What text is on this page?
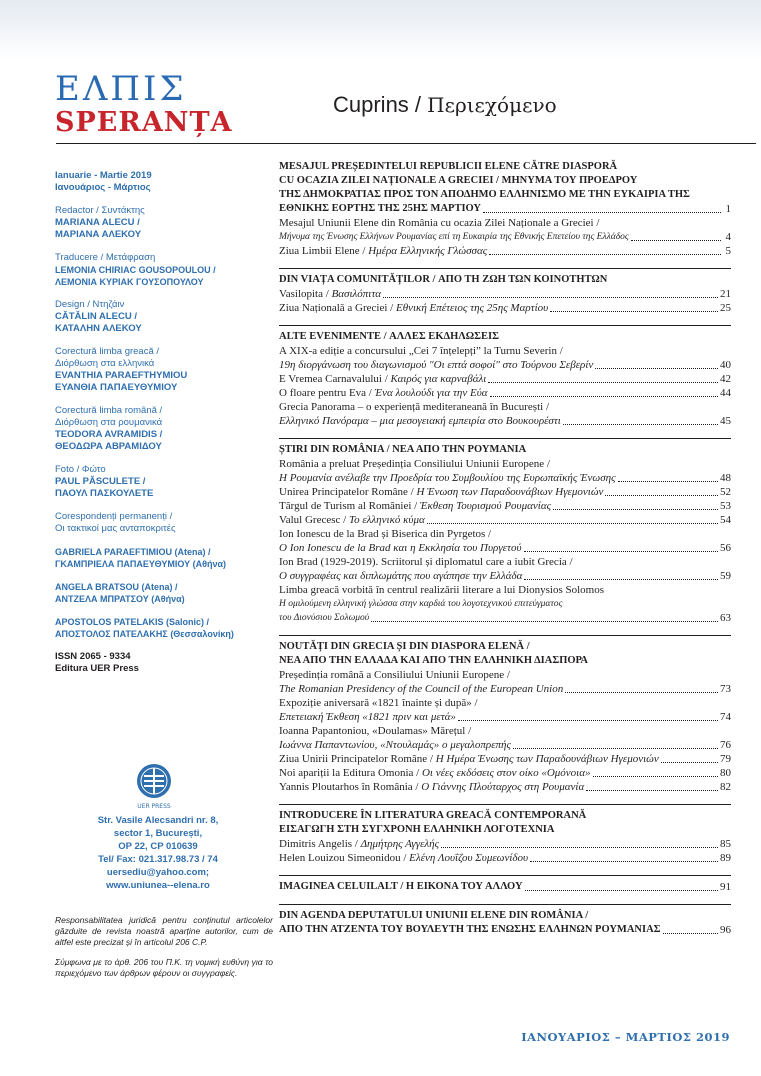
ΕΛΠΙΣ
SPERANȚA
Cuprins / Περιεχόμενο
Ianuarie - Martie 2019
Ιανουάριος - Μάρτιος
Redactor / Συντάκτης
MARIANA ALECU /
ΜΑΡΙΑΝΑ ΑΛΕΚΟΥ
Traducere / Μετάφραση
LEMONIA CHIRIAC GOUSOPOULOU /
ΛΕΜΟΝΙΑ ΚΥΡΙΑΚ ΓΟΥΣΟΠΟΥΛΟΥ
Design / Ντηζάιν
CĂTĂLIN ALECU /
ΚΑΤΑΛΗΝ ΑΛΕΚΟΥ
Corectură limba greacă /
Διόρθωση στα ελληνικά
EVANTHIA PARAEFTHYMIOU
ΕΥΑΝΘΙΑ ΠΑΠΑΕΥΘΥΜΙΟΥ
Corectură limba română /
Διόρθωση στα ρουμανικά
TEODORA AVRAMIDIS /
ΘΕΟΔΩΡΑ ΑΒΡΑΜΙΔΟΥ
Foto / Φώτο
PAUL PĂSCULETE /
ΠΑΟΥΛ ΠΑΣΚΟΥΛΕΤΕ
Corespondenți permanenți /
Οι τακτικοί μας ανταποκριτές
GABRIELA PARAEFTIMIOU (Atena) /
ΓΚΑΜΠΡΙΕΛΑ ΠΑΠΑΕΥΘΥΜΙΟΥ (Αθήνα)
ANGELA BRATSOU (Atena) /
ΑΝΤΖΕΛΑ ΜΠΡΑΤΣΟΥ (Αθήνα)
APOSTOLOS PATELAKIS (Salonic) /
ΑΠΟΣΤΟΛΟΣ ΠΑΤΕΛΑΚΗΣ (Θεσσαλονίκη)
ISSN 2065 - 9334
Editura UER Press
UER PRESS
Str. Vasile Alecsandri nr. 8,
sector 1, București,
OP 22, CP 010639
Tel/ Fax: 021.317.98.73 / 74
uersediu@yahoo.com;
www.uniunea--elena.ro

Responsabilitatea juridică pentru conținutul articolelor găzduite de revista noastră aparține autorilor, cum de altfel este precizat și în articolul 206 C.P.

Σύμφωνα με το άρθ. 206 του Π.Κ. τη νομική ευθύνη για το περιεχόμενο των άρθρων φέρουν οι συγγραφείς.

MESAJUL PREȘEDINTELUI REPUBLICII ELENE CĂTRE DIASPORĂ
CU OCAZIA ZILEI NAȚIONALE A GRECIEI / ΜΗΝΥΜΑ ΤΟΥ ΠΡΟΕΔΡΟΥ
ΤΗΣ ΔΗΜΟΚΡΑΤΙΑΣ ΠΡΟΣ ΤΟΝ ΑΠΟΔΗΜΟ ΕΛΛΗΝΙΣΜΟ ΜΕ ΤΗΝ ΕΥΚΑΙΡΙΑ ΤΗΣ
ΕΘΝΙΚΗΣ ΕΟΡΤΗΣ ΤΗΣ 25ΗΣ ΜΑΡΤΙΟΥ	1
Mesajul Uniunii Elene din România cu ocazia Zilei Naționale a Greciei /
Μήνυμα της Ένωσης Ελλήνων Ρουμανίας επί τη Ευκαιρία της Εθνικής Επετείου της Ελλάδος	4
Ziua Limbii Elene / Ημέρα Ελληνικής Γλώσσας	5
DIN VIAȚA COMUNITĂȚILOR / ΑΠΟ ΤΗ ΖΩΗ ΤΩΝ ΚΟΙΝΟΤΗΤΩΝ
Vasilopita / Βασιλόπιτα	21
Ziua Națională a Greciei / Εθνική Επέτειος της 25ης Μαρτίου	25
ALTE EVENIMENTE / ΑΛΛΕΣ ΕΚΔΗΛΩΣΕΙΣ
A XIX-a ediție a concursului „Cei 7 înțelepți” la Turnu Severin /
19η διοργάνωση του διαγωνισμού "Οι επτά σοφοί" στο Τούρνου Σεβερίν	40
E Vremea Carnavalului / Καιρός για καρναβάλι	42
O floare pentru Eva / Ένα λουλούδι για την Εύα	44
Grecia Panorama – o experiență mediteraneană în București /
Ελληνικό Πανόραμα – μια μεσογειακή εμπειρία στο Βουκουρέστι	45
ȘTIRI DIN ROMÂNIA / ΝΕΑ ΑΠΟ ΤΗΝ ΡΟΥΜΑΝΙΑ
România a preluat Președinția Consiliului Uniunii Europene /
Η Ρουμανία ανέλαβε την Προεδρία του Συμβουλίου της Ευρωπαϊκής Ένωσης	48
Unirea Principatelor Române / Η Ένωση των Παραδουνάβιων Ηγεμονιών	52
Târgul de Turism al României / Έκθεση Τουρισμού Ρουμανίας	53
Valul Grecesc / Το ελληνικό κύμα	54
Ion Ionescu de la Brad și Biserica din Pyrgetos /
Ο Ion Ionescu de la Brad και η Εκκλησία του Πυργετού	56
Ion Brad (1929-2019). Scriitorul și diplomatul care a iubit Grecia /
Ο συγγραφέας και διπλωμάτης που αγάπησε την Ελλάδα	59
Limba greacă vorbită în centrul realizării literare a lui Dionysios Solomos
Η ομιλούμενη ελληνική γλώσσα στην καρδιά του λογοτεχνικού επιτεύγματος
του Διονύσιου Σολωμού	63
NOUTĂȚI DIN GRECIA ȘI DIN DIASPORA ELENĂ /
ΝΕΑ ΑΠΟ ΤΗΝ ΕΛΛΑΔΑ ΚΑΙ ΑΠΟ ΤΗΝ ΕΛΛΗΝΙΚΗ ΔΙΑΣΠΟΡΑ
Președinția română a Consiliului Uniunii Europene /
The Romanian Presidency of the Council of the European Union	73
Expoziție aniversară «1821 înainte și după» /
Επετειακή Έκθεση «1821 πριν και μετά»	74
Ioanna Papantoniou, «Doulamas» Mărețul /
Ιωάννα Παπαντωνίου, «Ντουλαμάς» ο μεγαλοπρεπής	76
Ziua Unirii Principatelor Române / Η Ημέρα Ένωσης των Παραδουνάβιων Ηγεμονιών	79
Noi apariții la Editura Omonia / Οι νέες εκδόσεις στον οίκο «Ομόνοια»	80
Yannis Ploutarhos în România / Ο Γιάννης Πλούταρχος στη Ρουμανία	82
INTRODUCERE ÎN LITERATURA GREACĂ CONTEMPORANĂ
ΕΙΣΑΓΩΓΗ ΣΤΗ ΣΥΓΧΡΟΝΗ ΕΛΛΗΝΙΚΗ ΛΟΓΟΤΕΧΝΙΑ
Dimitris Angelis / Δημήτρης Αγγελής	85
Helen Louizou Simeonidou / Ελένη Λουΐζου Συμεωνίδου	89
IMAGINEA CELUILALT / Η ΕΙΚΟΝΑ ΤΟΥ ΑΛΛΟΥ	91
DIN AGENDA DEPUTATULUI UNIUNII ELENE DIN ROMÂNIA /
ΑΠΟ ΤΗΝ ΑΤΖΕΝΤΑ ΤΟΥ ΒΟΥΛΕΥΤΗ ΤΗΣ ΕΝΩΣΗΣ ΕΛΛΗΝΩΝ ΡΟΥΜΑΝΙΑΣ	96
ΙΑΝΟΥΑΡΙΟΣ – ΜΑΡΤΙΟΣ 2019
